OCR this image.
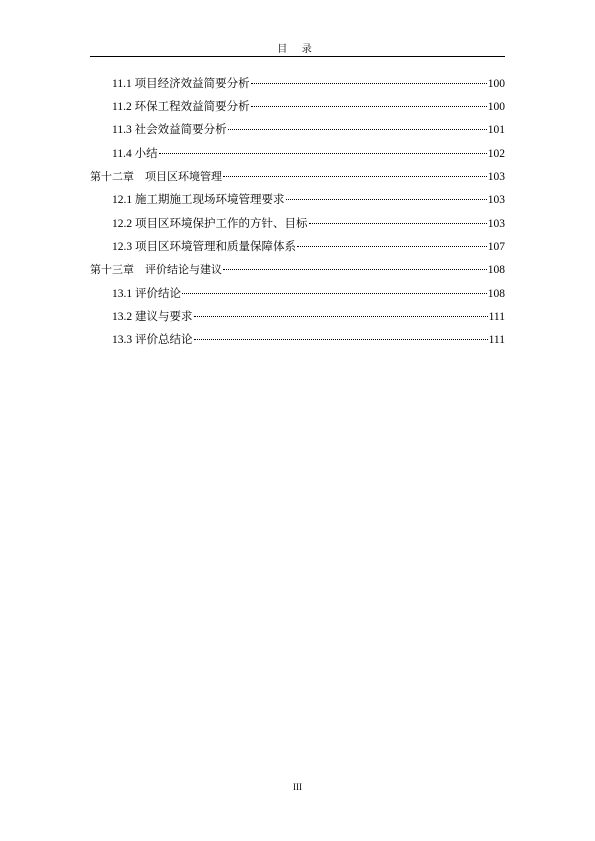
目 录
11.1 项目经济效益简要分析	100
11.2 环保工程效益简要分析	100
11.3 社会效益简要分析	101
11.4 小结	102
第十二章　项目区环境管理	103
12.1 施工期施工现场环境管理要求	103
12.2 项目区环境保护工作的方针、目标	103
12.3 项目区环境管理和质量保障体系	107
第十三章　评价结论与建议	108
13.1 评价结论	108
13.2 建议与要求	111
13.3 评价总结论	111
III
